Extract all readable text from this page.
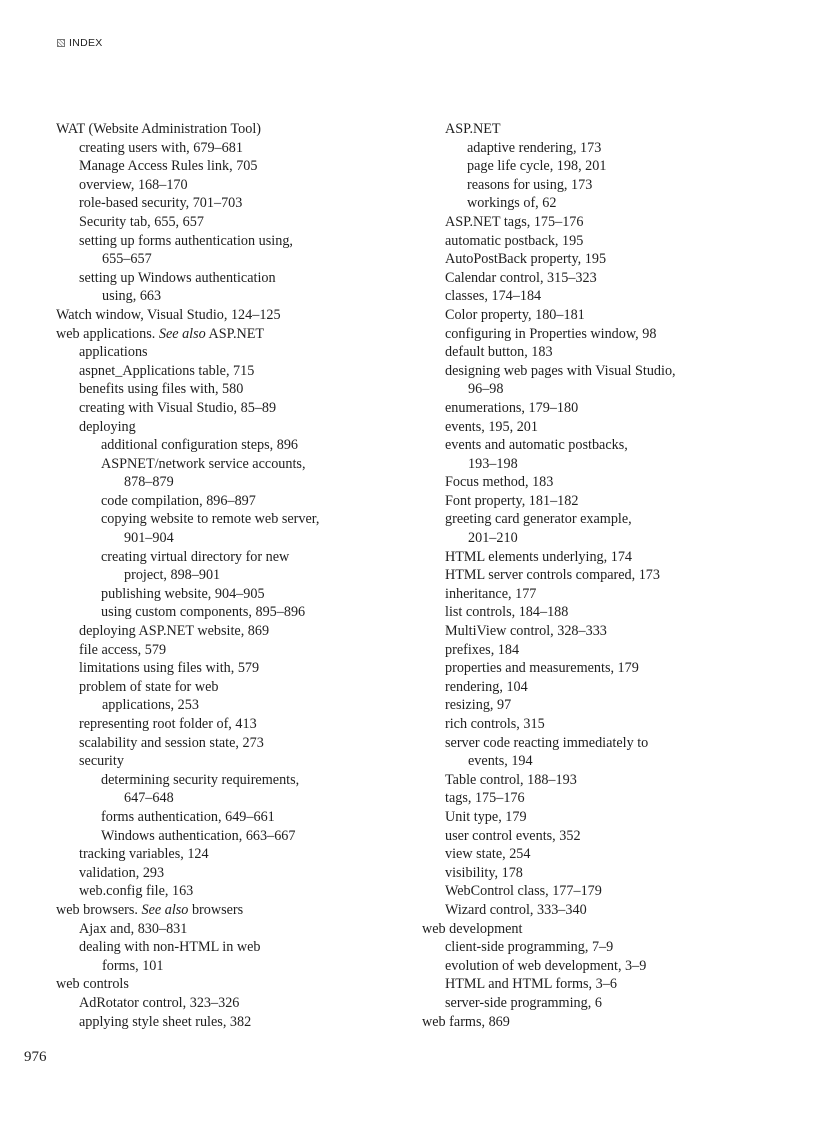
INDEX
WAT (Website Administration Tool)
creating users with, 679–681
Manage Access Rules link, 705
overview, 168–170
role-based security, 701–703
Security tab, 655, 657
setting up forms authentication using,
655–657
setting up Windows authentication
using, 663
Watch window, Visual Studio, 124–125
web applications. See also ASP.NET
applications
aspnet_Applications table, 715
benefits using files with, 580
creating with Visual Studio, 85–89
deploying
additional configuration steps, 896
ASPNET/network service accounts,
878–879
code compilation, 896–897
copying website to remote web server,
901–904
creating virtual directory for new
project, 898–901
publishing website, 904–905
using custom components, 895–896
deploying ASP.NET website, 869
file access, 579
limitations using files with, 579
problem of state for web
applications, 253
representing root folder of, 413
scalability and session state, 273
security
determining security requirements,
647–648
forms authentication, 649–661
Windows authentication, 663–667
tracking variables, 124
validation, 293
web.config file, 163
web browsers. See also browsers
Ajax and, 830–831
dealing with non-HTML in web
forms, 101
web controls
AdRotator control, 323–326
applying style sheet rules, 382
ASP.NET
adaptive rendering, 173
page life cycle, 198, 201
reasons for using, 173
workings of, 62
ASP.NET tags, 175–176
automatic postback, 195
AutoPostBack property, 195
Calendar control, 315–323
classes, 174–184
Color property, 180–181
configuring in Properties window, 98
default button, 183
designing web pages with Visual Studio,
96–98
enumerations, 179–180
events, 195, 201
events and automatic postbacks,
193–198
Focus method, 183
Font property, 181–182
greeting card generator example,
201–210
HTML elements underlying, 174
HTML server controls compared, 173
inheritance, 177
list controls, 184–188
MultiView control, 328–333
prefixes, 184
properties and measurements, 179
rendering, 104
resizing, 97
rich controls, 315
server code reacting immediately to
events, 194
Table control, 188–193
tags, 175–176
Unit type, 179
user control events, 352
view state, 254
visibility, 178
WebControl class, 177–179
Wizard control, 333–340
web development
client-side programming, 7–9
evolution of web development, 3–9
HTML and HTML forms, 3–6
server-side programming, 6
web farms, 869
976
